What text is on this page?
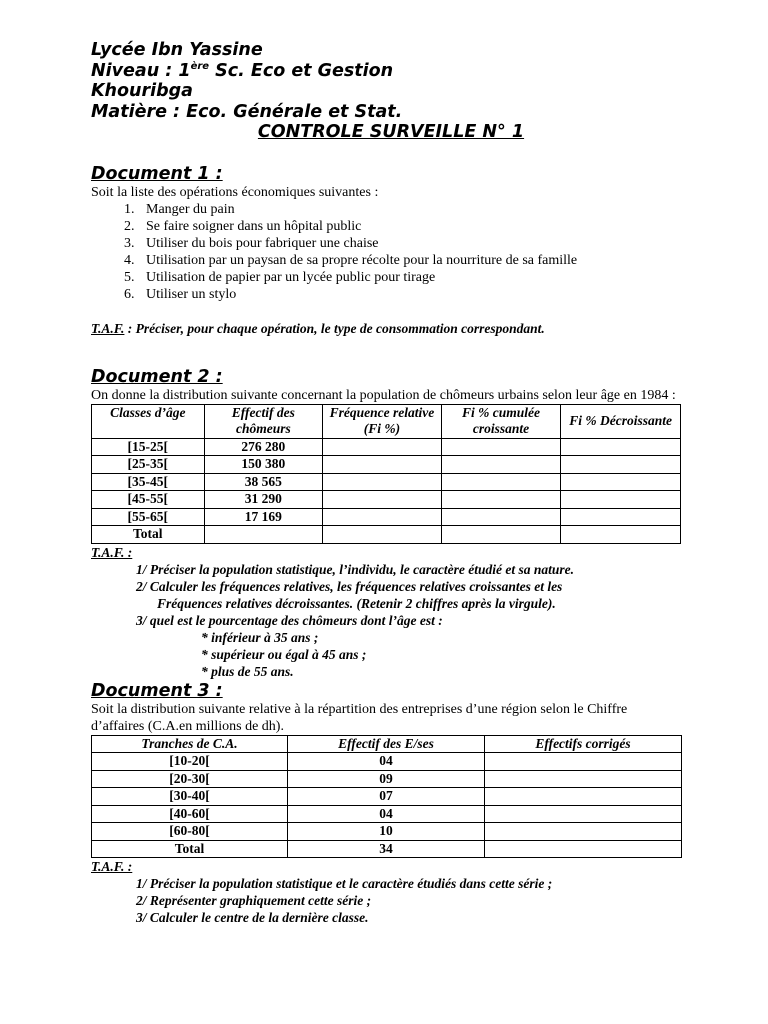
Lycée Ibn Yassine
Niveau : 1ère Sc. Eco et Gestion
Khouribga
Matière : Eco. Générale et Stat.
CONTROLE SURVEILLE N° 1
Document 1 :
Soit la liste des opérations économiques suivantes :
1. Manger du pain
2. Se faire soigner dans un hôpital public
3. Utiliser du bois pour fabriquer une chaise
4. Utilisation par un paysan de sa propre récolte pour la nourriture de sa famille
5. Utilisation de papier par un lycée public pour tirage
6. Utiliser un stylo
T.A.F. : Préciser, pour chaque opération, le type de consommation correspondant.
Document 2 :
On donne la distribution suivante concernant la population de chômeurs urbains selon leur âge en 1984 :
Classes d’âge	Effectif des chômeurs	Fréquence relative (Fi %)	Fi % cumulée croissante	Fi % Décroissante
[15-25[	276 280			
[25-35[	150 380			
[35-45[	38 565			
[45-55[	31 290			
[55-65[	17 169			
Total				
T.A.F. :
1/ Préciser la population statistique, l’individu, le caractère étudié et sa nature.
2/ Calculer les fréquences relatives, les fréquences relatives croissantes et les
Fréquences relatives décroissantes. (Retenir 2 chiffres après la virgule).
3/ quel est le pourcentage des chômeurs dont l’âge est :
* inférieur à 35 ans ;
* supérieur ou égal à 45 ans ;
* plus de 55 ans.
Document 3 :
Soit la distribution suivante relative à la répartition des entreprises d’une région selon le Chiffre d’affaires (C.A.en millions de dh).
Tranches de C.A.	Effectif des E/ses	Effectifs corrigés
[10-20[	04	
[20-30[	09	
[30-40[	07	
[40-60[	04	
[60-80[	10	
Total	34	
T.A.F. :
1/ Préciser la population statistique et le caractère étudiés dans cette série ;
2/ Représenter graphiquement cette série ;
3/ Calculer le centre de la dernière classe.
